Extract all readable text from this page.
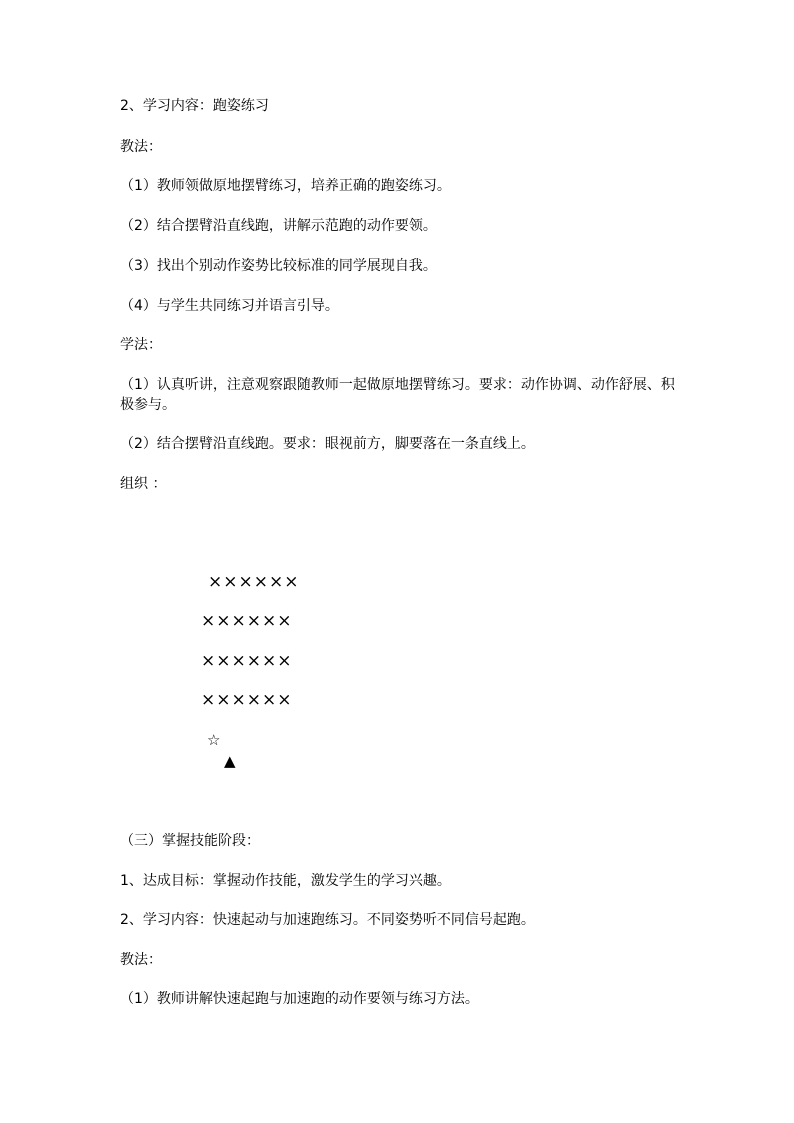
2、学习内容：跑姿练习
教法：
（1）教师领做原地摆臂练习，培养正确的跑姿练习。
（2）结合摆臂沿直线跑，讲解示范跑的动作要领。
（3）找出个别动作姿势比较标准的同学展现自我。
（4）与学生共同练习并语言引导。
学法：
（1）认真听讲，注意观察跟随教师一起做原地摆臂练习。要求：动作协调、动作舒展、积极参与。
（2）结合摆臂沿直线跑。要求：眼视前方，脚要落在一条直线上。
组织 ：
××××××
××××××
××××××
××××××
☆
▲
（三）掌握技能阶段：
1、达成目标：掌握动作技能，激发学生的学习兴趣。
2、学习内容：快速起动与加速跑练习。不同姿势听不同信号起跑。
教法：
（1）教师讲解快速起跑与加速跑的动作要领与练习方法。
